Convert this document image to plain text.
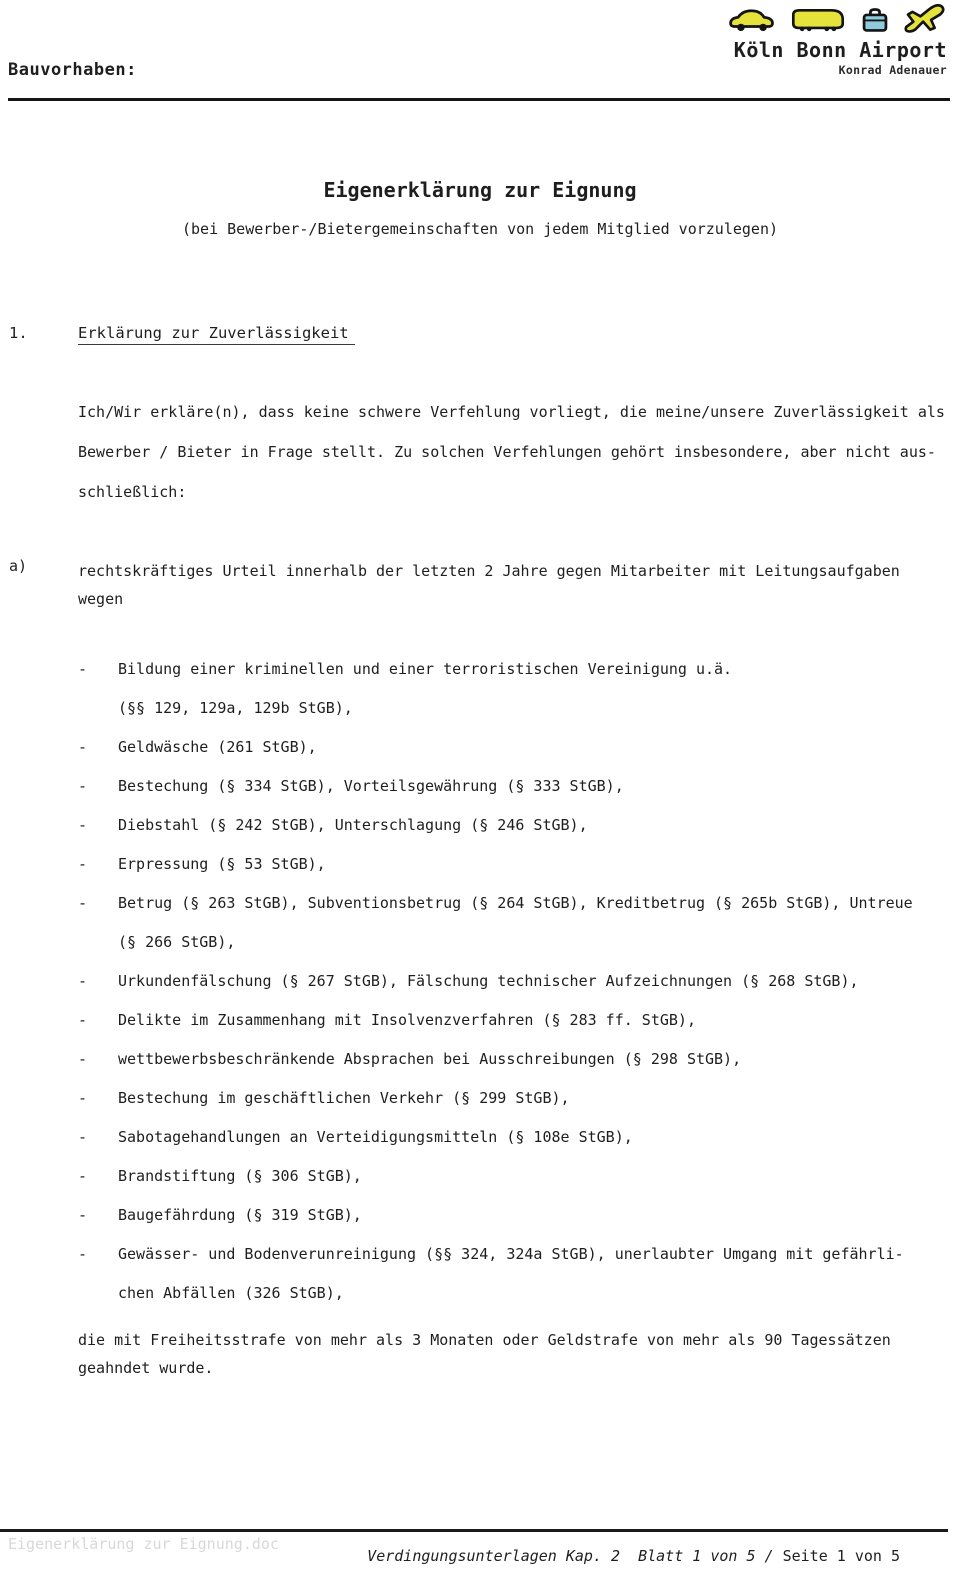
Bauvorhaben:
Köln Bonn Airport
Konrad Adenauer
Eigenerklärung zur Eignung
(bei Bewerber-/Bietergemeinschaften von jedem Mitglied vorzulegen)
1.	Erklärung zur Zuverlässigkeit
Ich/Wir erkläre(n), dass keine schwere Verfehlung vorliegt, die meine/unsere Zuverlässigkeit als
Bewerber / Bieter in Frage stellt. Zu solchen Verfehlungen gehört insbesondere, aber nicht aus-
schließlich:
a)	rechtskräftiges Urteil innerhalb der letzten 2 Jahre gegen Mitarbeiter mit Leitungsaufgaben
wegen
-	Bildung einer kriminellen und einer terroristischen Vereinigung u.ä.
(§§ 129, 129a, 129b StGB),
-	Geldwäsche (261 StGB),
-	Bestechung (§ 334 StGB), Vorteilsgewährung (§ 333 StGB),
-	Diebstahl (§ 242 StGB), Unterschlagung (§ 246 StGB),
-	Erpressung (§ 53 StGB),
-	Betrug (§ 263 StGB), Subventionsbetrug (§ 264 StGB), Kreditbetrug (§ 265b StGB), Untreue
(§ 266 StGB),
-	Urkundenfälschung (§ 267 StGB), Fälschung technischer Aufzeichnungen (§ 268 StGB),
-	Delikte im Zusammenhang mit Insolvenzverfahren (§ 283 ff. StGB),
-	wettbewerbsbeschränkende Absprachen bei Ausschreibungen (§ 298 StGB),
-	Bestechung im geschäftlichen Verkehr (§ 299 StGB),
-	Sabotagehandlungen an Verteidigungsmitteln (§ 108e StGB),
-	Brandstiftung (§ 306 StGB),
-	Baugefährdung (§ 319 StGB),
-	Gewässer- und Bodenverunreinigung (§§ 324, 324a StGB), unerlaubter Umgang mit gefährli-
chen Abfällen (326 StGB),
die mit Freiheitsstrafe von mehr als 3 Monaten oder Geldstrafe von mehr als 90 Tagessätzen
geahndet wurde.
Eigenerklärung zur Eignung.doc
Verdingungsunterlagen Kap. 2  Blatt 1 von 5 / Seite 1 von 5
